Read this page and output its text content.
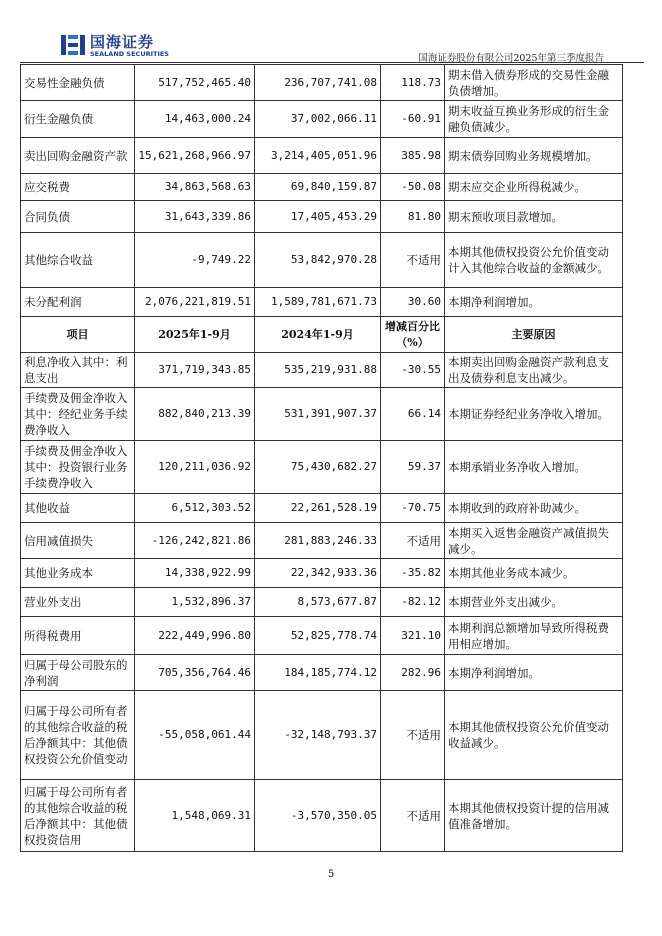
国海证券
SEALAND SECURITIES	国海证券股份有限公司2025年第三季度报告
交易性金融负债	517,752,465.40	236,707,741.08	118.73	期末借入债券形成的交易性金融负债增加。
衍生金融负债	14,463,000.24	37,002,066.11	-60.91	期末收益互换业务形成的衍生金融负债减少。
卖出回购金融资产款	15,621,268,966.97	3,214,405,051.96	385.98	期末债券回购业务规模增加。
应交税费	34,863,568.63	69,840,159.87	-50.08	期末应交企业所得税减少。
合同负债	31,643,339.86	17,405,453.29	81.80	期末预收项目款增加。
其他综合收益	-9,749.22	53,842,970.28	不适用	本期其他债权投资公允价值变动计入其他综合收益的金额减少。
未分配利润	2,076,221,819.51	1,589,781,671.73	30.60	本期净利润增加。
项目	2025年1-9月	2024年1-9月	增减百分比（%）	主要原因
利息净收入其中：利息支出	371,719,343.85	535,219,931.88	-30.55	本期卖出回购金融资产款利息支出及债券利息支出减少。
手续费及佣金净收入其中：经纪业务手续费净收入	882,840,213.39	531,391,907.37	66.14	本期证券经纪业务净收入增加。
手续费及佣金净收入其中：投资银行业务手续费净收入	120,211,036.92	75,430,682.27	59.37	本期承销业务净收入增加。
其他收益	6,512,303.52	22,261,528.19	-70.75	本期收到的政府补助减少。
信用减值损失	-126,242,821.86	281,883,246.33	不适用	本期买入返售金融资产减值损失减少。
其他业务成本	14,338,922.99	22,342,933.36	-35.82	本期其他业务成本减少。
营业外支出	1,532,896.37	8,573,677.87	-82.12	本期营业外支出减少。
所得税费用	222,449,996.80	52,825,778.74	321.10	本期利润总额增加导致所得税费用相应增加。
归属于母公司股东的净利润	705,356,764.46	184,185,774.12	282.96	本期净利润增加。
归属于母公司所有者的其他综合收益的税后净额其中：其他债权投资公允价值变动	-55,058,061.44	-32,148,793.37	不适用	本期其他债权投资公允价值变动收益减少。
归属于母公司所有者的其他综合收益的税后净额其中：其他债权投资信用	1,548,069.31	-3,570,350.05	不适用	本期其他债权投资计提的信用减值准备增加。
5
